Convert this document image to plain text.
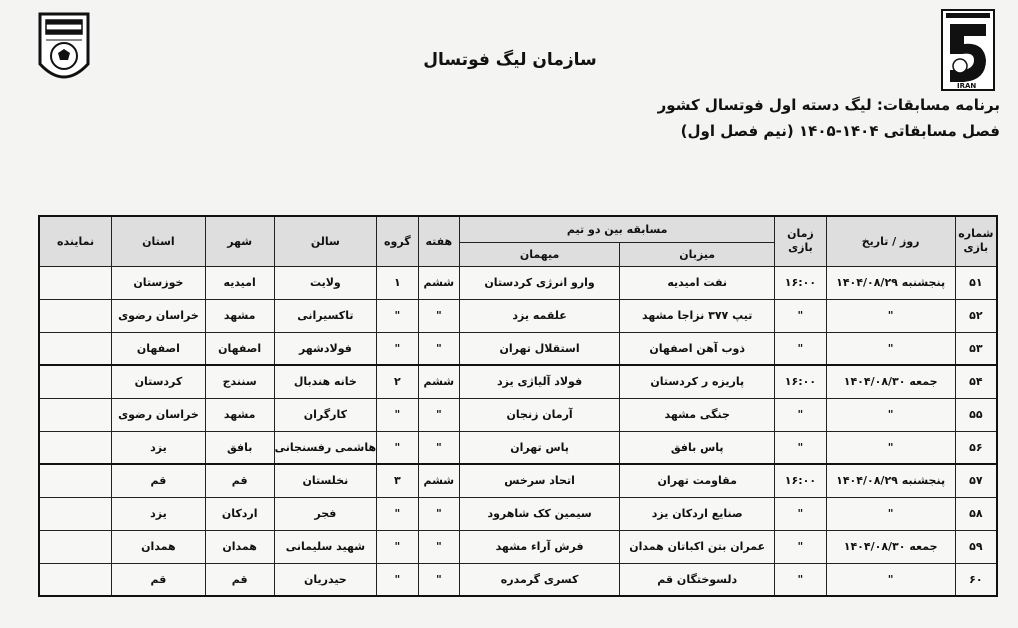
IRAN
سازمان لیگ فوتسال
برنامه مسابقات: لیگ دسته اول فوتسال کشور
فصل مسابقاتی ۱۴۰۴-۱۴۰۵ (نیم فصل اول)
شماره بازی	روز / تاریخ	زمان بازی	مسابقه بین دو تیم		هفته	گروه	سالن	شهر	استان	نماینده
			میزبان	میهمان						
۵۱	پنجشنبه ۱۴۰۴/۰۸/۲۹	۱۶:۰۰	نفت امیدیه	وارو انرژی کردستان	ششم	۱	ولایت	امیدیه	خوزستان	
۵۲	"	"	تیپ ۳۷۷ نزاجا مشهد	علقمه یزد	"	"	تاکسیرانی	مشهد	خراسان رضوی	
۵۳	"	"	ذوب آهن اصفهان	استقلال تهران	"	"	فولادشهر	اصفهان	اصفهان	
۵۴	جمعه ۱۴۰۴/۰۸/۳۰	۱۶:۰۰	پاریزه ر کردستان	فولاد آلیاژی یزد	ششم	۲	خانه هندبال	سنندج	کردستان	
۵۵	"	"	جنگی مشهد	آرمان زنجان	"	"	کارگران	مشهد	خراسان رضوی	
۵۶	"	"	پاس بافق	پاس تهران	"	"	هاشمی رفسنجانی	بافق	یزد	
۵۷	پنجشنبه ۱۴۰۴/۰۸/۲۹	۱۶:۰۰	مقاومت تهران	اتحاد سرخس	ششم	۳	نخلستان	قم	قم	
۵۸	"	"	صنایع اردکان یزد	سیمین کک شاهرود	"	"	فجر	اردکان	یزد	
۵۹	جمعه ۱۴۰۴/۰۸/۳۰	"	عمران بتن اکباتان همدان	فرش آراء مشهد	"	"	شهید سلیمانی	همدان	همدان	
۶۰	"	"	دلسوختگان قم	کسری گرمدره	"	"	حیدریان	قم	قم	
